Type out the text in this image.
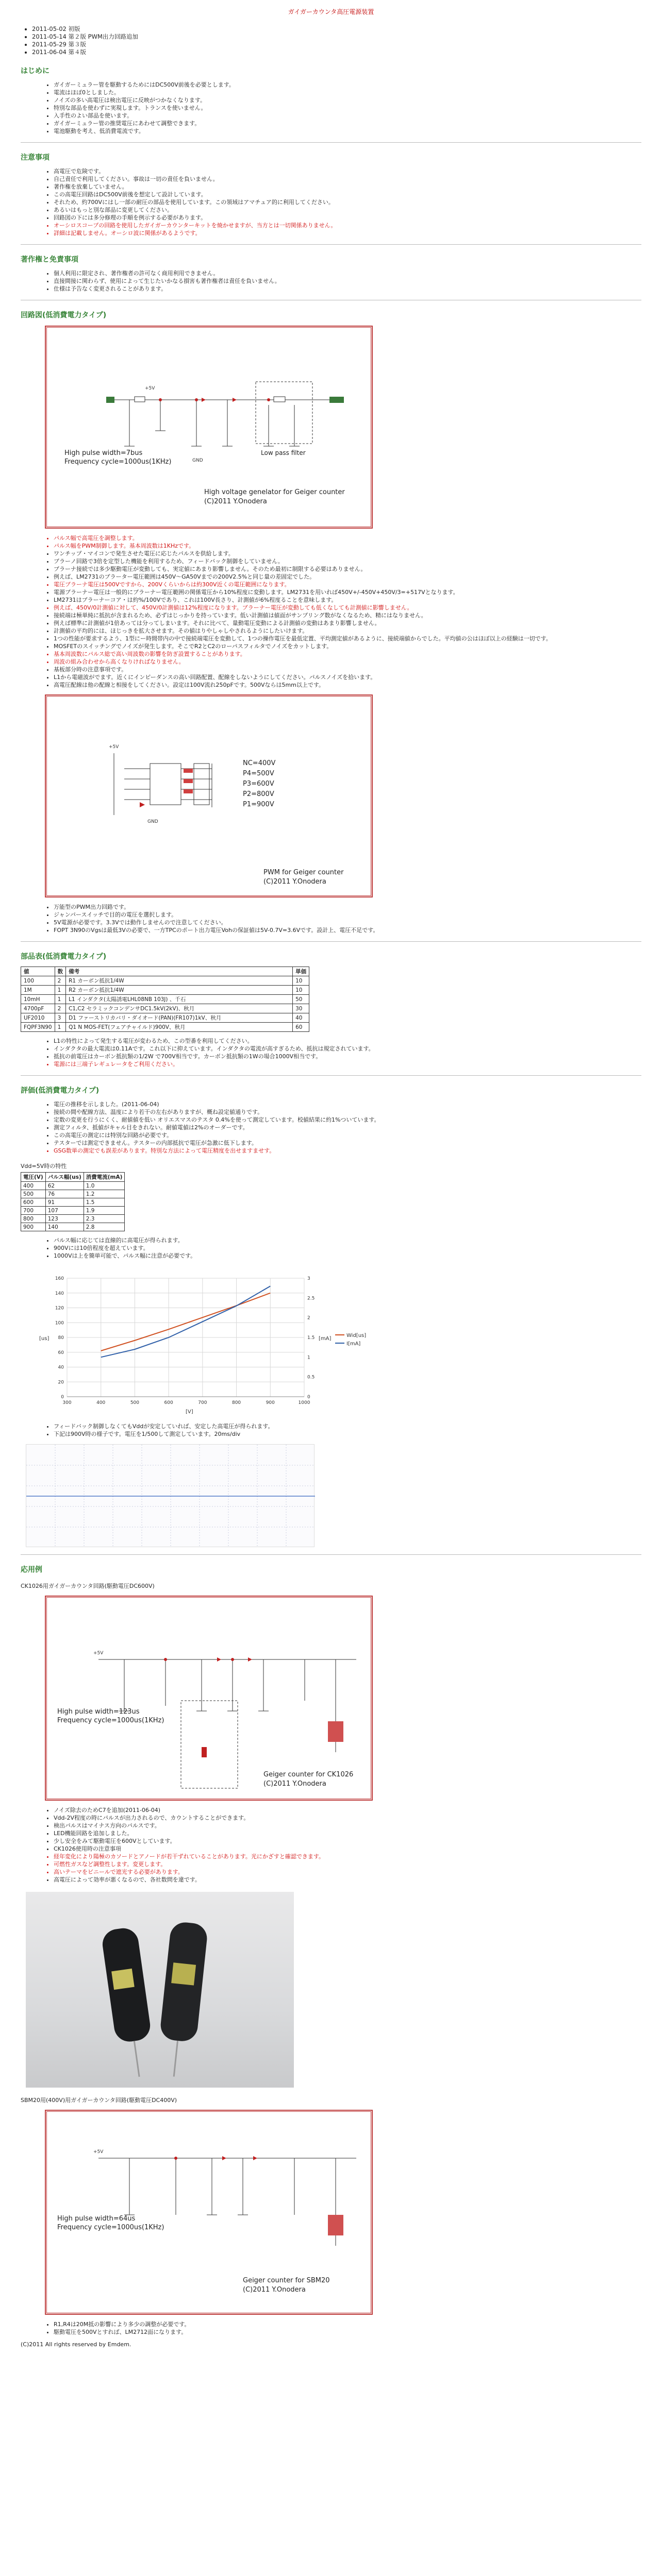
ガイガーカウンタ高圧電源装置
• 2011-05-02 初版
• 2011-05-14 第２版 PWM出力回路追加
• 2011-05-29 第３版
• 2011-06-04 第４版
はじめに
• ガイガーミュラー管を駆動するためにはDC500V前後を必要とします。
• 電流はほぼ0としました。
• ノイズの多い高電圧は検出電圧に反映がつかなくなります。
• 特別な部品を使わずに実現します。トランスを使いません。
• 入手性のよい部品を使います。
• ガイガーミュラー管の推奨電圧にあわせて調整できます。
• 電池駆動を考え、低消費電流です。
注意事項
• 高電圧で危険です。
• 自己責任で利用してください。事故は一切の責任を負いません。
• 著作権を放棄していません。
• この高電圧回路はDC500V前後を想定して設計しています。
• それため、約700Vにはし一部の耐圧の部品を使用しています。この領域はアマチュア的に利用してください。
• あるいはもっと別な部品に変更してください。
• 回路図の下には多分修理の手順を例示する必要があります。
• オーシロスコープの回路を使用したガイガーカウンターキットを焼かせますが、当方とは一切関係ありません。
• 詳細は記載しません。オーシロ波に関係があるようです。
著作権と免責事項
• 個人利用に限定され、著作権者の許可なく商用利用できません。
• 直接間接に関わらず、使用によって生じたいかなる損害も著作権者は責任を負いません。
• 仕様は予告なく変更されることがあります。
回路図(低消費電力タイプ)
+5V
GND
High pulse width=7bus
Frequency cycle=1000us(1KHz)
Low pass filter
High voltage genelator for Geiger counter
(C)2011 Y.Onodera
• パルス幅で高電圧を調整します。
• パルス幅をPWM制御します。基本周波数は1KHzです。
• ワンチップ・マイコンで発生させた電圧に応じたパルスを供給します。
• ブラーノ回路で3倍を定型した機能を利用するため、フィードバック制御をしていません。
• ブラーナ接続では多少駆動電圧が変動しても、実定値にあまり影響しません。そのため最初に制限する必要はありません。
• 例えば、LM2731のブラーター電圧範囲は450V〜GA50Vまでの200V2.5%と同じ量の差固定でした。
• 電圧ブラーナ電圧は500Vですから、200Vくらいからは約300V近くの電圧範囲になります。
• 電源ブラーナー電圧は一般的にブラーナー電圧範囲の関係電圧から10%程度に変動します。LM2731を用いれば450V+/-450V+450V/3=+517Vとなります。
• LM2731はブラーナーコア・は約%/100Vであり、これは100V長さり、計測値が6%程度ることを意味します。
• 例えば、450V/0計測値に対して、450V/0計測値は12%程度になります。ブラーナー電圧が変動しても低くなしても計測値に影響しません。
• 接続端は極単純に抵抗が含まれるため、必ずはじっかりを持っています。低い計測値は値面がサンプリング数がなくなるため、精にはなりません。
• 例えば標準に計測値が1倍あっては分ってしまいます。それに比べて、量動電圧変動による計測値の変動はあまり影響しません。
• 計測値の平均的には、ほじっきを拡大させます。その値はりやしゃしやされるようにしたいけます。
• 1つの性能が要求するよう、1型にー時間帯内の中で接続端電圧を変動して、1つの操作電圧を最低定置、平均測定値があるように、接続端値からでした。平均値の公はほぼ以上の経験は一切です。
• MOSFETのスイッチングでノイズが発生します。そこでR2とC2のローパスフィルタでノイズをカットします。
• 基本周波数にパルス総で高い周波数の影響を防ぎ設置することがあります。
• 周波の組み合わせから高くなりければなりません。
• 基板部分時の注意事項です。
• L1から電磁波がでます。近くにインピーダンスの高い回路配置、配線をしないようにしてください。パルスノイズを拾います。
• 高電圧配線は他の配線と相接をしてください。設定は100V流れ250pFです。500Vならは5mm以上です。
+5V
GND
NC=400V
P4=500V
P3=600V
P2=800V
P1=900V
PWM for Geiger counter
(C)2011 Y.Onodera
• 万能型のPWM出力回路です。
• ジャンパースイッチで目的の電圧を選択します。
• 5V電源が必要です。3.3Vでは動作しませんので注意してください。
• FOPT 3N90のVgsは最低3Vの必要で、一方TPCのポート出力電圧Vohの保証値は5V-0.7V=3.6Vです。設計上、電圧不足です。
部品表(低消費電力タイプ)
値	数	備考	単価
100	2	R1 カーボン抵抗1/4W	10
1M	1	R2 カーボン抵抗1/4W	10
10mH	1	L1 インダクタ(太陽誘電LHL08NB 103J) 、千石	50
4700pF	2	C1,C2 セラミックコンデンサDC1.5kV(2kV)、秋月	30
UF2010	3	D1 ファーストリカバリ・ダイオード(PAN)(FR107)1kV、秋月	40
FQPF3N90	1	Q1 N MOS-FET(フェアチャイルド)900V、秋月	60
• L1の特性によって発生する電圧が変わるため、この型番を利用してください。
• インダクタの最大電流は0.11Aです。これ以下に抑えています。インダクタの電流が高すぎるため、抵抗は規定されています。
• 抵抗の前電圧はカーボン抵抗類の1/2W で700V相当です。カーボン抵抗類の1Wの場合1000V相当です。
• 電源には三端子レギュレータをご利用ください。
評価(低消費電力タイプ)
• 電圧の推移を示しました。(2011-06-04)
• 接続の間や配線方法、温度により若干の左右がありますが、概ね設定値通りです。
• 定数の変更を行うにくく、耐値値を低い オリエスマスのテスタ 0.4%を使って測定しています。校値結果に約1%ついています。
• 測定フィルタ、抵値がキャル目をきれない。耐値電値は2%のオーダーです。
• この高電圧の測定には特別な回路が必要です。
• テスターでは測定できません。テスターの内部抵抗で電圧が急激に低下します。
• GSG数単の測定でも誤差があります。特別な方法によって電圧精度を出せますませす。
Vdd=5V時の特性
電圧(V)	パルス幅(us)	消費電流(mA)
400	62	1.0
500	76	1.2
600	91	1.5
700	107	1.9
800	123	2.3
900	140	2.8
• パルス幅に応じては直線的に高電圧が得られます。
• 900Vには10倍程度を超えています。
• 1000Vは上を簡単可能で、パルス幅に注意が必要です。
0
20
40
60
80
100
120
140
160
0
0.5
1
1.5
2
2.5
3
300	400	500	600	700	800	900	1000
[V]
[us]	[mA]
Wid[us]
I[mA]
• フィードバック制御しなくてもVddが安定していれば、安定した高電圧が得られます。
• 下記は900V時の様子です。電圧を1/500して測定しています。20ms/div
応用例
CK1026用ガイガーカウンタ回路(駆動電圧DC600V)
+5V
High pulse width=123us
Frequency cycle=1000us(1KHz)
Geiger counter for CK1026
(C)2011 Y.Onodera
• ノイズ除去のためC7を追加(2011-06-04)
• Vdd-2V程度の時にパルスが出力されるので、カウントすることができます。
• 検出パルスはマイナス方向のパルスです。
• LED機能回路を追加しました。
• 少し安全をみて駆動電圧を600Vとしています。
• CK1026使用時の注意事項
• 経年変化により陽極のカソードとアノードが若干ずれていることがあります。光にかざすと確認できます。
• 可燃性ガスなど調整性します。変更します。
• 高いテーマをビニールで遮光する必要があります。
• 高電圧によって効率が悪くなるので、各社数問を違です。
SBM20用(400V)用ガイガーカウンタ回路(駆動電圧DC400V)
+5V
High pulse width=64us
Frequency cycle=1000us(1KHz)
Geiger counter for SBM20
(C)2011 Y.Onodera
• R1,R4は20M抵の影響により多少の調整が必要です。
• 駆動電圧を500Vとすれば、LM2712面になります。
(C)2011 All rights reserved by Emdem.
